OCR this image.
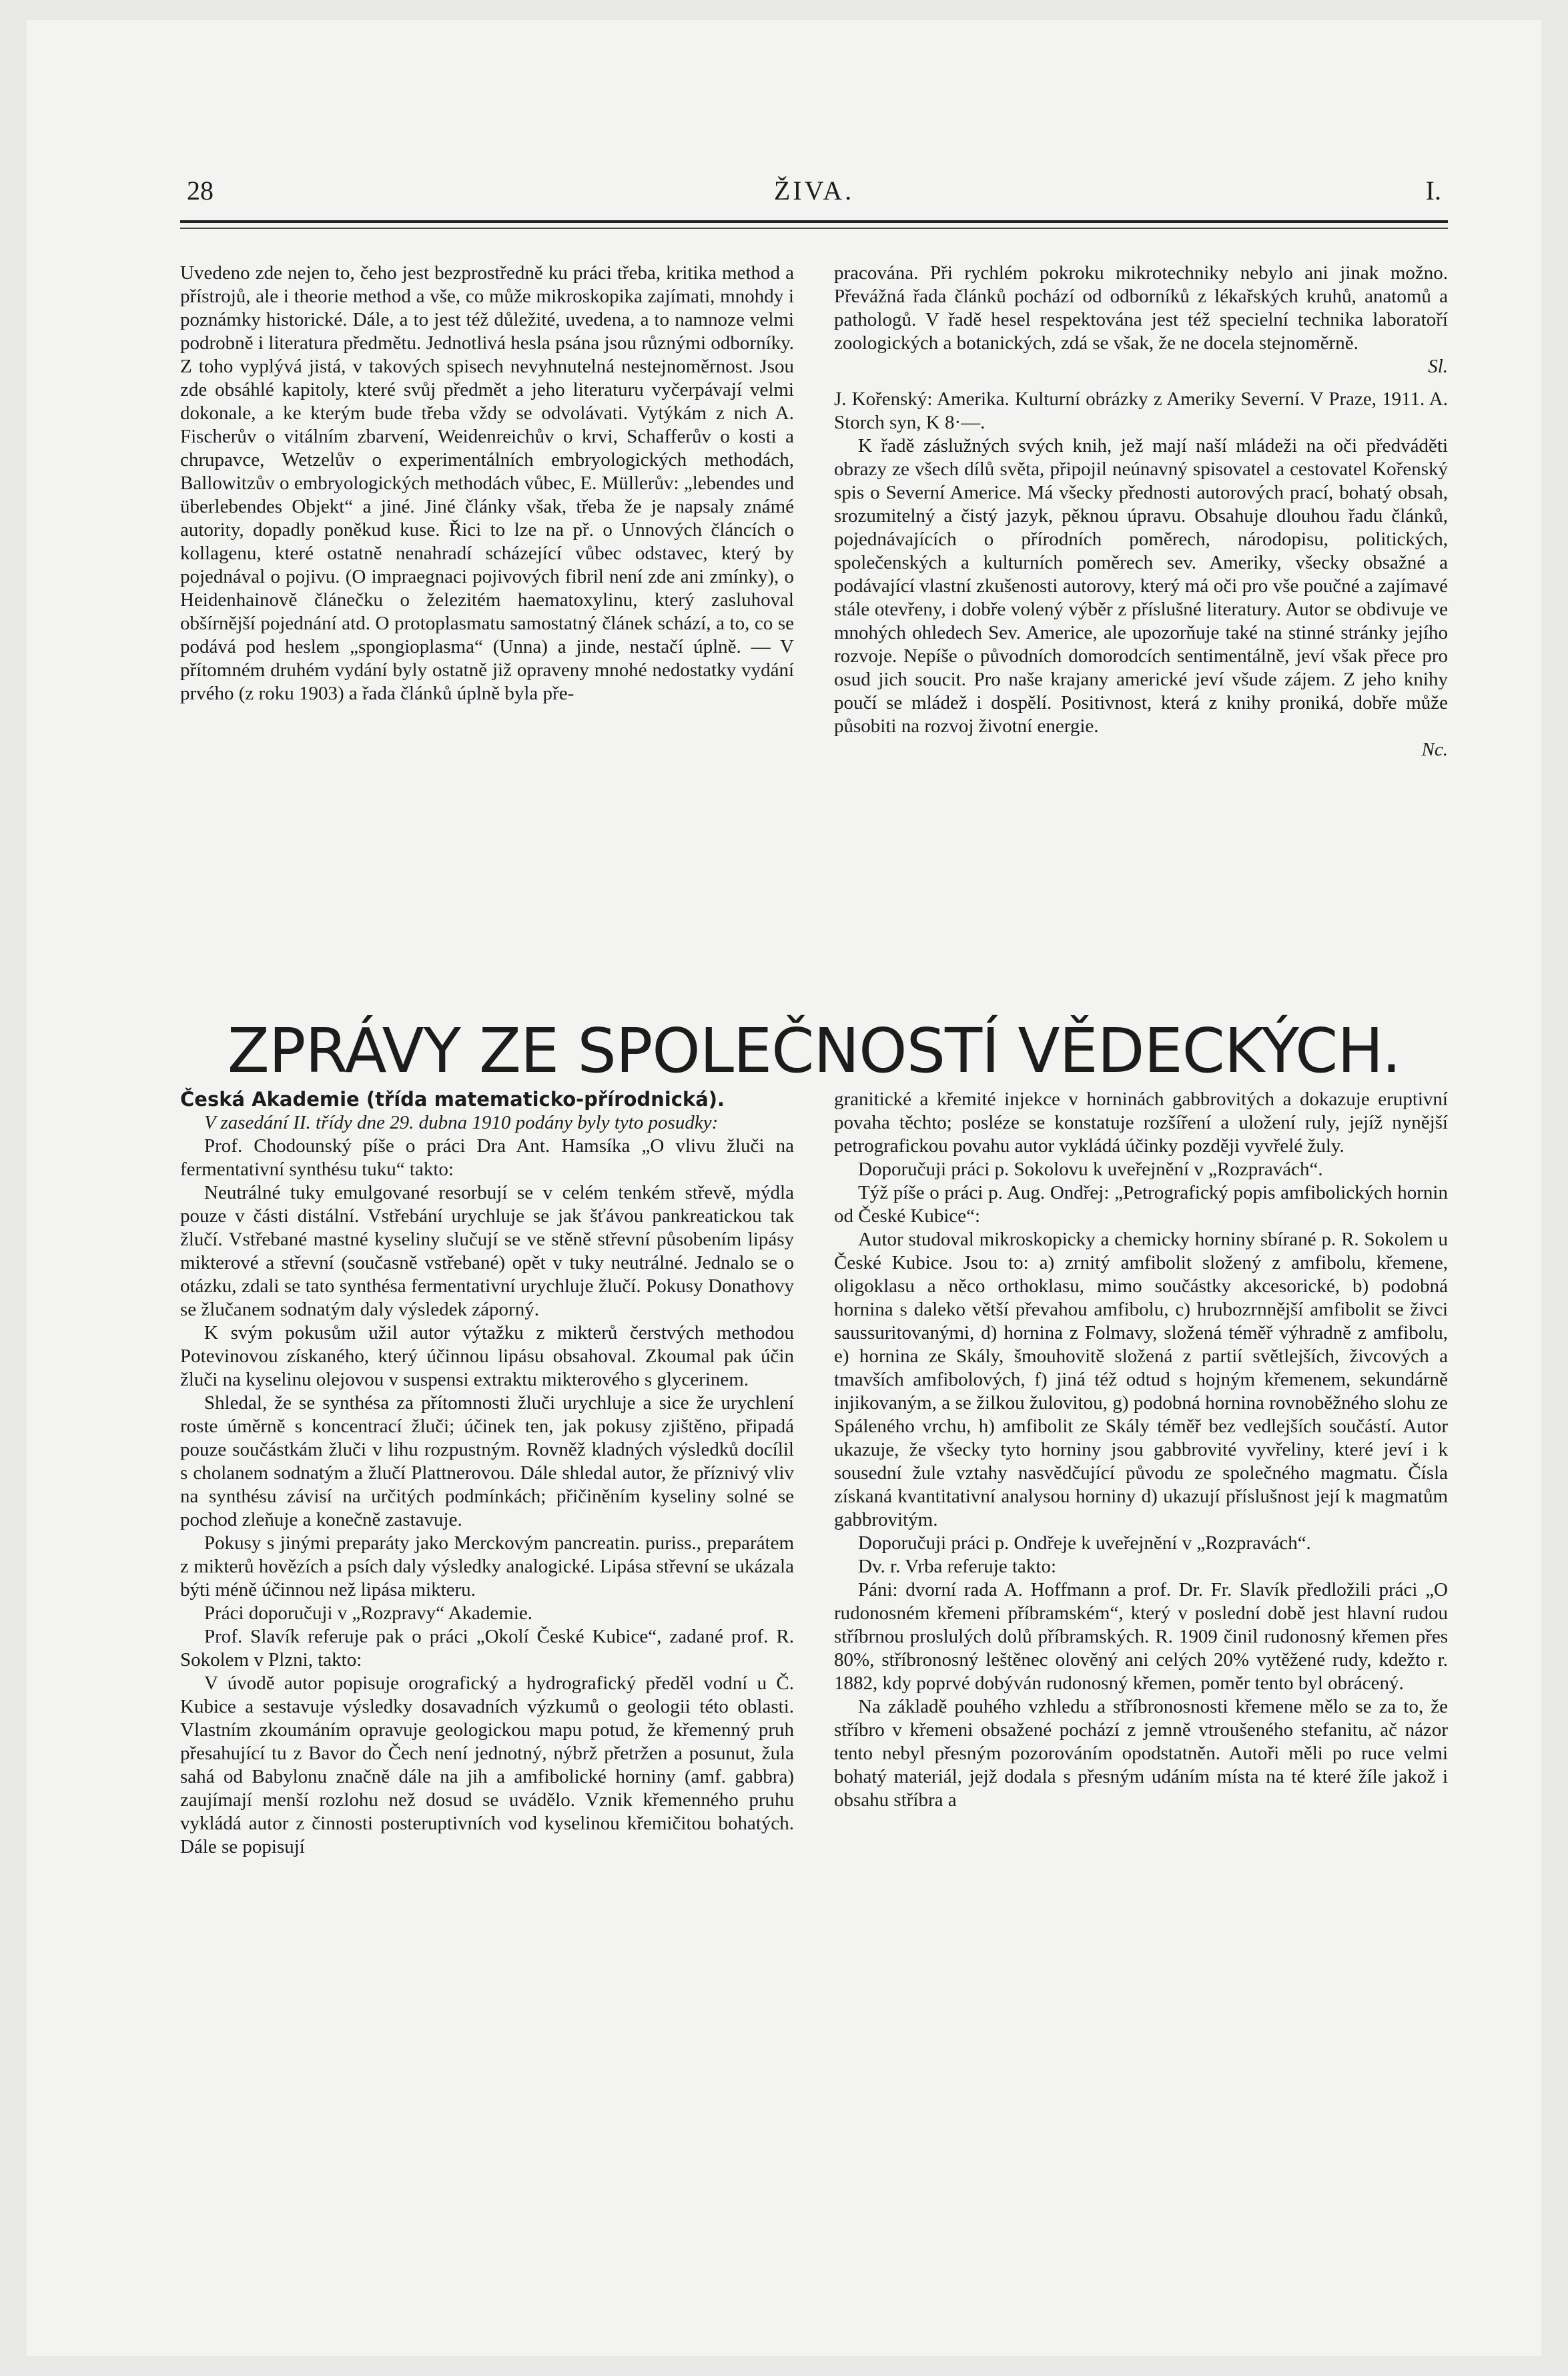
28	ŽIVA.	I.

Uvedeno zde nejen to, čeho jest bezprostředně ku práci třeba, kritika method a přístrojů, ale i theorie method a vše, co může mikroskopika zajímati, mnohdy i poznámky historické. Dále, a to jest též důležité, uvedena, a to namnoze velmi podrobně i literatura předmětu. Jednotlivá hesla psána jsou různými odborníky. Z toho vyplývá jistá, v takových spisech nevyhnutelná nestejnoměrnost. Jsou zde obsáhlé kapitoly, které svůj předmět a jeho literaturu vyčerpávají velmi dokonale, a ke kterým bude třeba vždy se odvolávati. Vytýkám z nich A. Fischerův o vitálním zbarvení, Weidenreichův o krvi, Schafferův o kosti a chrupavce, Wetzelův o experimentálních embryologických methodách, Ballowitzův o embryologických methodách vůbec, E. Müllerův: „lebendes und überlebendes Objekt“ a jiné. Jiné články však, třeba že je napsaly známé autority, dopadly poněkud kuse. Řici to lze na př. o Unnových článcích o kollagenu, které ostatně nenahradí scházející vůbec odstavec, který by pojednával o pojivu. (O impraegnaci pojivových fibril není zde ani zmínky), o Heidenhainově článečku o železitém haematoxylinu, který zasluhoval obšírnější pojednání atd. O protoplasmatu samostatný článek schází, a to, co se podává pod heslem „spongioplasma“ (Unna) a jinde, nestačí úplně. — V přítomném druhém vydání byly ostatně již opraveny mnohé nedostatky vydání prvého (z roku 1903) a řada článků úplně byla pře-

pracována. Při rychlém pokroku mikrotechniky nebylo ani jinak možno. Převážná řada článků pochází od odborníků z lékařských kruhů, anatomů a pathologů. V řadě hesel respektována jest též specielní technika laboratoří zoologických a botanických, zdá se však, že ne docela stejnoměrně.

Sl.

J. Kořenský: Amerika. Kulturní obrázky z Ameriky Severní. V Praze, 1911. A. Storch syn, K 8·—.

K řadě záslužných svých knih, jež mají naší mládeži na oči předváděti obrazy ze všech dílů světa, připojil neúnavný spisovatel a cestovatel Kořenský spis o Severní Americe. Má všecky přednosti autorových prací, bohatý obsah, srozumitelný a čistý jazyk, pěknou úpravu. Obsahuje dlouhou řadu článků, pojednávajících o přírodních poměrech, národopisu, politických, společenských a kulturních poměrech sev. Ameriky, všecky obsažné a podávající vlastní zkušenosti autorovy, který má oči pro vše poučné a zajímavé stále otevřeny, i dobře volený výběr z příslušné literatury. Autor se obdivuje ve mnohých ohledech Sev. Americe, ale upozorňuje také na stinné stránky jejího rozvoje. Nepíše o původních domorodcích sentimentálně, jeví však přece pro osud jich soucit. Pro naše krajany americké jeví všude zájem. Z jeho knihy poučí se mládež i dospělí. Positivnost, která z knihy proniká, dobře může působiti na rozvoj životní energie.

Nc.

ZPRÁVY ZE SPOLEČNOSTÍ VĚDECKÝCH.

Česká Akademie (třída matematicko-přírodnická).

V zasedání II. třídy dne 29. dubna 1910 podány byly tyto posudky:

Prof. Chodounský píše o práci Dra Ant. Hamsíka „O vlivu žluči na fermentativní synthésu tuku“ takto:

Neutrálné tuky emulgované resorbují se v celém tenkém střevě, mýdla pouze v části distální. Vstřebání urychluje se jak šťávou pankreatickou tak žlučí. Vstřebané mastné kyseliny slučují se ve stěně střevní působením lipásy mikterové a střevní (současně vstřebané) opět v tuky neutrálné. Jednalo se o otázku, zdali se tato synthésa fermentativní urychluje žlučí. Pokusy Donathovy se žlučanem sodnatým daly výsledek záporný.

K svým pokusům užil autor výtažku z mikterů čerstvých methodou Potevinovou získaného, který účinnou lipásu obsahoval. Zkoumal pak účin žluči na kyselinu olejovou v suspensi extraktu mikterového s glycerinem.

Shledal, že se synthésa za přítomnosti žluči urychluje a sice že urychlení roste úměrně s koncentrací žluči; účinek ten, jak pokusy zjištěno, připadá pouze součástkám žluči v lihu rozpustným. Rovněž kladných výsledků docílil s cholanem sodnatým a žlučí Plattnerovou. Dále shledal autor, že příznivý vliv na synthésu závisí na určitých podmínkách; přičiněním kyseliny solné se pochod zleňuje a konečně zastavuje.

Pokusy s jinými preparáty jako Merckovým pancreatin. puriss., preparátem z mikterů hovězích a psích daly výsledky analogické. Lipása střevní se ukázala býti méně účinnou než lipása mikteru.

Práci doporučuji v „Rozpravy“ Akademie.

Prof. Slavík referuje pak o práci „Okolí České Kubice“, zadané prof. R. Sokolem v Plzni, takto:

V úvodě autor popisuje orografický a hydrografický předěl vodní u Č. Kubice a sestavuje výsledky dosavadních výzkumů o geologii této oblasti. Vlastním zkoumáním opravuje geologickou mapu potud, že křemenný pruh přesahující tu z Bavor do Čech není jednotný, nýbrž přetržen a posunut, žula sahá od Babylonu značně dále na jih a amfibolické horniny (amf. gabbra) zaujímají menší rozlohu než dosud se uvádělo. Vznik křemenného pruhu vykládá autor z činnosti posteruptivních vod kyselinou křemičitou bohatých. Dále se popisují

granitické a křemité injekce v horninách gabbrovitých a dokazuje eruptivní povaha těchto; posléze se konstatuje rozšíření a uložení ruly, jejíž nynější petrografickou povahu autor vykládá účinky později vyvřelé žuly.

Doporučuji práci p. Sokolovu k uveřejnění v „Rozpravách“.

Týž píše o práci p. Aug. Ondřej: „Petrografický popis amfibolických hornin od České Kubice“:

Autor studoval mikroskopicky a chemicky horniny sbírané p. R. Sokolem u České Kubice. Jsou to: a) zrnitý amfibolit složený z amfibolu, křemene, oligoklasu a něco orthoklasu, mimo součástky akcesorické, b) podobná hornina s daleko větší převahou amfibolu, c) hrubozrnnější amfibolit se živci saussuritovanými, d) hornina z Folmavy, složená téměř výhradně z amfibolu, e) hornina ze Skály, šmouhovitě složená z partií světlejších, živcových a tmavších amfibolových, f) jiná též odtud s hojným křemenem, sekundárně injikovaným, a se žilkou žulovitou, g) podobná hornina rovnoběžného slohu ze Spáleného vrchu, h) amfibolit ze Skály téměř bez vedlejších součástí. Autor ukazuje, že všecky tyto horniny jsou gabbrovité vyvřeliny, které jeví i k sousední žule vztahy nasvědčující původu ze společného magmatu. Čísla získaná kvantitativní analysou horniny d) ukazují příslušnost její k magmatům gabbrovitým.

Doporučuji práci p. Ondřeje k uveřejnění v „Rozpravách“.

Dv. r. Vrba referuje takto:

Páni: dvorní rada A. Hoffmann a prof. Dr. Fr. Slavík předložili práci „O rudonosném křemeni příbramském“, který v poslední době jest hlavní rudou stříbrnou proslulých dolů příbramských. R. 1909 činil rudonosný křemen přes 80%, stříbronosný leštěnec olověný ani celých 20% vytěžené rudy, kdežto r. 1882, kdy poprvé dobýván rudonosný křemen, poměr tento byl obrácený.

Na základě pouhého vzhledu a stříbronosnosti křemene mělo se za to, že stříbro v křemeni obsažené pochází z jemně vtroušeného stefanitu, ač názor tento nebyl přesným pozorováním opodstatněn. Autoři měli po ruce velmi bohatý materiál, jejž dodala s přesným udáním místa na té které žíle jakož i obsahu stříbra a
